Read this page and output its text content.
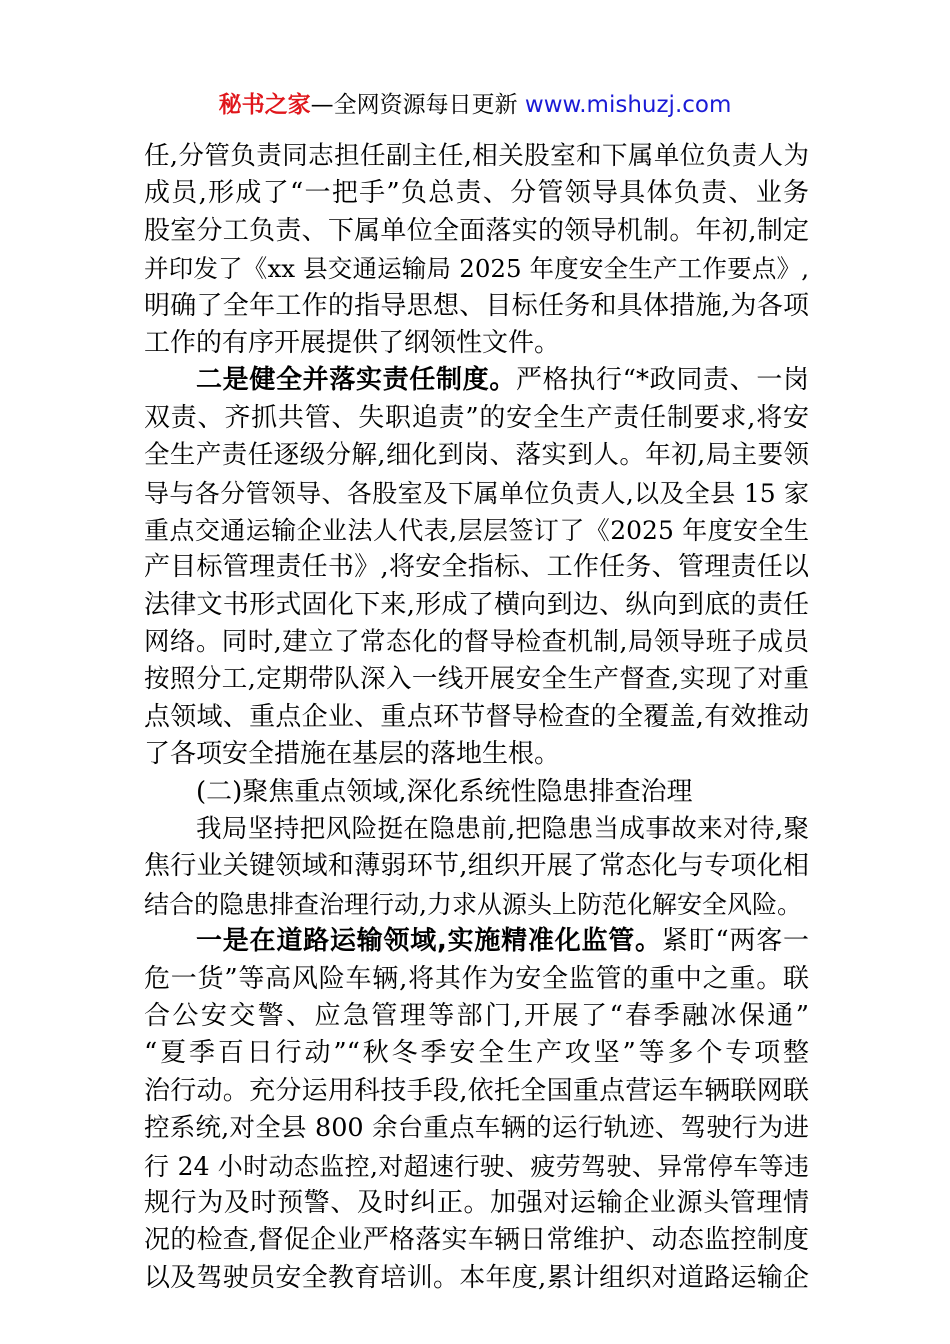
秘书之家—全网资源每日更新 www.mishuzj.com
任,分管负责同志担任副主任,相关股室和下属单位负责人为
成员,形成了“一把手”负总责、分管领导具体负责、业务
股室分工负责、下属单位全面落实的领导机制。年初,制定
并印发了《xx 县交通运输局 2025 年度安全生产工作要点》,
明确了全年工作的指导思想、目标任务和具体措施,为各项
工作的有序开展提供了纲领性文件。
二是健全并落实责任制度。严格执行“*政同责、一岗
双责、齐抓共管、失职追责”的安全生产责任制要求,将安
全生产责任逐级分解,细化到岗、落实到人。年初,局主要领
导与各分管领导、各股室及下属单位负责人,以及全县 15 家
重点交通运输企业法人代表,层层签订了《2025 年度安全生
产目标管理责任书》,将安全指标、工作任务、管理责任以
法律文书形式固化下来,形成了横向到边、纵向到底的责任
网络。同时,建立了常态化的督导检查机制,局领导班子成员
按照分工,定期带队深入一线开展安全生产督查,实现了对重
点领域、重点企业、重点环节督导检查的全覆盖,有效推动
了各项安全措施在基层的落地生根。
(二)聚焦重点领域,深化系统性隐患排查治理
我局坚持把风险挺在隐患前,把隐患当成事故来对待,聚
焦行业关键领域和薄弱环节,组织开展了常态化与专项化相
结合的隐患排查治理行动,力求从源头上防范化解安全风险。
一是在道路运输领域,实施精准化监管。紧盯“两客一
危一货”等高风险车辆,将其作为安全监管的重中之重。联
合公安交警、应急管理等部门,开展了“春季融冰保通”
“夏季百日行动”“秋冬季安全生产攻坚”等多个专项整
治行动。充分运用科技手段,依托全国重点营运车辆联网联
控系统,对全县 800 余台重点车辆的运行轨迹、驾驶行为进
行 24 小时动态监控,对超速行驶、疲劳驾驶、异常停车等违
规行为及时预警、及时纠正。加强对运输企业源头管理情
况的检查,督促企业严格落实车辆日常维护、动态监控制度
以及驾驶员安全教育培训。本年度,累计组织对道路运输企
